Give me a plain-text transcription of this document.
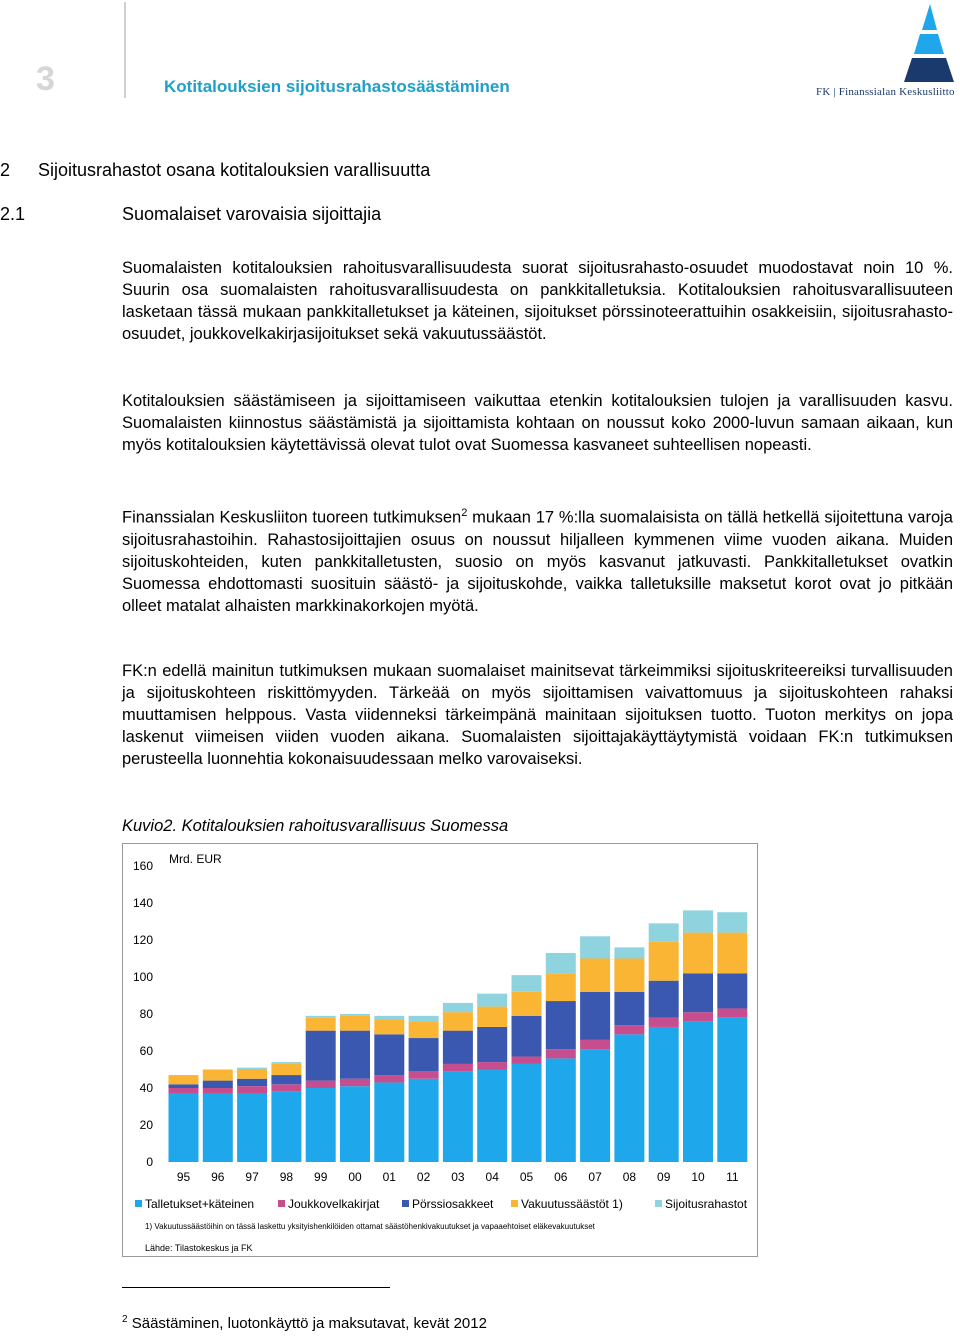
3	Kotitalouksien sijoitusrahastosäästäminen	FK | Finanssialan Keskusliitto
2 Sijoitusrahastot osana kotitalouksien varallisuutta
2.1	Suomalaiset varovaisia sijoittajia
Suomalaisten kotitalouksien rahoitusvarallisuudesta suorat sijoitusrahasto-osuudet muodostavat noin 10 %. Suurin osa suomalaisten rahoitusvarallisuudesta on pankkitalletuksia. Kotitalouksien rahoitusvarallisuuteen lasketaan tässä mukaan pankkitalletukset ja käteinen, sijoitukset pörssinoteerattuihin osakkeisiin, sijoitusrahasto-osuudet, joukkovelkakirjasijoitukset sekä vakuutussäästöt.
Kotitalouksien säästämiseen ja sijoittamiseen vaikuttaa etenkin kotitalouksien tulojen ja varallisuuden kasvu. Suomalaisten kiinnostus säästämistä ja sijoittamista kohtaan on noussut koko 2000-luvun samaan aikaan, kun myös kotitalouksien käytettävissä olevat tulot ovat Suomessa kasvaneet suhteellisen nopeasti.
Finanssialan Keskusliiton tuoreen tutkimuksen$^2$ mukaan 17 %:lla suomalaisista on tällä hetkellä sijoitettuna varoja sijoitusrahastoihin. Rahastosijoittajien osuus on noussut hiljalleen kymmenen viime vuoden aikana. Muiden sijoituskohteiden, kuten pankkitalletusten, suosio on myös kasvanut jatkuvasti. Pankkitalletukset ovatkin Suomessa ehdottomasti suosituin säästö- ja sijoituskohde, vaikka talletuksille maksetut korot ovat jo pitkään olleet matalat alhaisten markkinakorkojen myötä.
FK:n edellä mainitun tutkimuksen mukaan suomalaiset mainitsevat tärkeimmiksi sijoituskriteereiksi turvallisuuden ja sijoituskohteen riskittömyyden. Tärkeää on myös sijoittamisen vaivattomuus ja sijoituskohteen rahaksi muuttamisen helppous. Vasta viidenneksi tärkeimpänä mainitaan sijoituksen tuotto. Tuoton merkitys on jopa laskenut viimeisen viiden vuoden aikana. Suomalaisten sijoittajakäyttäytymistä voidaan FK:n tutkimuksen perusteella luonnehtia kokonaisuudessaan melko varovaiseksi.
Kuvio2. Kotitalouksien rahoitusvarallisuus Suomessa
0
20
40
60
80
100
120
140
160 Mrd. EUR
95 96 97 98 99 00 01 02 03 04 05 06 07 08 09 10 11
Talletukset+käteinen	Joukkovelkakirjat	Pörssiosakkeet Vakuutussäästöt 1)	Sijoitusrahastot
1) Vakuutussäästöihin on tässä laskettu yksityishenkilöiden ottamat säästöhenkivakuutukset ja vapaaehtoiset eläkevakuutukset
Lähde: Tilastokeskus ja FK
$^2$ Säästäminen, luotonkäyttö ja maksutavat, kevät 2012
